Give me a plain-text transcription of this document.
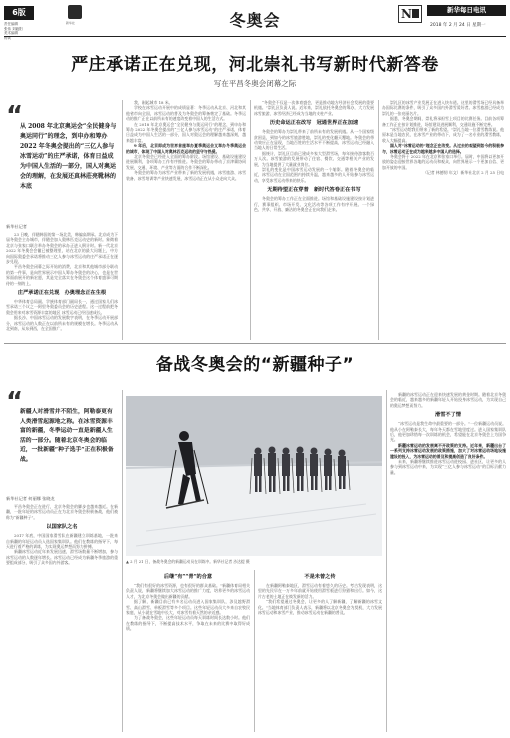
6版
责任编辑
张伟 刘毅阳
美术编辑
杨寅
新华社	冬奥会	N	新华每日电讯
2018 年 2 月 24 日 星期一
严庄承诺正在兑现，河北崇礼书写新时代新答卷
写在平昌冬奥会闭幕之际
“
从 2008 年北京奥运会“全民健身与奥运同行”的理念，到申办和筹办 2022 年冬奥会提出的“三亿人参与冰雪运动”的庄严承诺，体育日益成为中国人生活的一部分，国人对奥运会的理解，在发展还真林莊亮靴林的本底
新华社记者

23 日晚，伴随韩国的第一场北美，韩偏高期承。北京成为下届冬奥会主办城市，伴随会加入奥林匹克运动史的新时。象徵着北京与张家口联合举办冬奥会的承办正进入倒计时。新一代北京 2022 年冬奥会会徽已被整理里，站在北京的最大问题上，中方向国际奥委会承诺将推动三亿人参与冰雪运动的庄严承诺正在逐步兑现。

平昌冬奥会闭幕之际开始的消费，北京和其他城市部分联动的第一件事，是向世界展示中国人筹办冬奥会的决心，也是在世界面前展开的新宏愿，其是完全落实在冬奥会这个体育盛事可期待的一刻的上。

庄严承诺正在兑现　办奥理念正在生根

中华体育总局副、学族体育部门副局长一，通过国家儿们冰雪承诺三个议之一阿里冬奥委员会的历史进程。这一过程前把冬奥会用来对冰雪资源丰富的地区 冰雪运动已经迅速成长。

据长沙、中国冰雪运动的发展数字表明，在冬季运动开展部分，冰雪运动的人数正在以前所未有的规模在增长。冬季运动从北到南，从东到西，在全国推广。

我，刚起城市 18 米。

学校在冰雪运动开展中的成绩显著：冬季运动从北京、河北和其他省市向全国，冰雪运动的普及为冬奥会的筹备奠定了基础。冬季运动的推广正在以前所未有的速度改变着中国人的生活方式。

在 2018 年北京奥运会“全民健身与奥运同行”的理念，到申办和筹办 2022 年冬奥会提出的“三亿人参与冰雪运动”的庄严承诺，体育日益成为中国人生活的一部分，国人对奥运会的理解越来越深刻，越来越丰富。

9 年后，北京即成为世界首座举办夏季奥运会又举办冬季奥运会的城市，体现了中国人对奥林匹克运动的坚守与热爱。

北京冬奥会已经进入全面的筹办阶段。场馆建设、基础设施建设进展顺利，各项筹办工作有序推进。冬奥会的筹办带动了京津冀协同发展，交通、环境、产业等方面的合作不断深化。

冬奥会的筹办为冰雪产业带来了新的发展机遇，冰雪旅游、冰雪装备、冰雪培训等产业快速发展，冰雪运动正在从小众走向大众。

“冬奥会不仅是一次体育盛会，更是推动地方经济社会发展的重要机遇。”崇礼区负责人说。近年来，崇礼依托冬奥会的筹办，大力发展冰雪旅游，冰雪经济已经成为当地的支柱产业。

历史命运正在改写　冠通世界正在加速

冬奥会的筹办为崇礼带来了前所未有的发展机遇。从一个国家级贫困县，到如今的冰雪旅游胜地，崇礼的变化翻天覆地。冬奥会的带动效应正在显现，当地百姓的生活水平不断提高，冰雪运动已经融入当地人的日常生活。

据统计，崇礼区目前已建成多家大型滑雪场，每年接待游客数百万人次。冰雪旅游的发展带动了住宿、餐饮、交通等相关产业的发展，为当地提供了大量就业岗位。

崇礼的变化是中国冰雪运动发展的一个缩影。随着冬奥会的临近，冰雪运动在全国范围内持续升温，越来越多的人开始参与冰雪运动，享受冰雪运动带来的快乐。

无期待望正在穿普　新时代答卷正在书写

冬奥会的筹办工作正在全面推进。场馆和基础设施建设按计划进行，赛事组织、市场开发、文化活动等各项工作有序开展。一个绿色、共享、开放、廉洁的冬奥会正在向我们走来。

崇礼区的冰雪产业发展正在进入快车道。这里的滑雪场已经具备举办国际比赛的条件，吸引了众多国内外滑雪爱好者。冰雪旅游已经成为崇礼的一张亮丽名片。

据悉，冬奥会期间，崇礼将承担雪上项目的比赛任务。目前各项筹备工作正在按计划推进，场馆建设进展顺利，交通设施不断完善。

“冰雪运动给我们带来了新的希望。”崇礼当地一位滑雪教练说。他原本是当地农民，在冰雪产业的带动下，成为了一名专业的滑雪教练，收入大幅提高。

国人对“冰雪运动的”理念正在改变。从过去的观望到如今的积极参与，冰雪运动正在成为越来越多中国人的选择。

冬奥会将于 2022 年在北京和张家口举行。届时，中国将以更加开放的姿态迎接世界各地的运动员和观众，向世界展示一个更加自信、更加开放的中国。

（记者 林德韧 年文）新华社北京 2 月 25 日电

备战冬奥会的“新疆种子”
“
新疆人对滑雪并不陌生，阿勒泰更有人类滑雪起源地之称。在冰雪资源丰富的新疆，冬季运动一直是新疆人生活的一部分。随着北京冬奥会的临近，一批新疆“种子选手”正在积极备战。
新华社记者 何丽娜 张晓龙

平昌冬奥会正在进行，北京冬奥会的脚步也越来越近。在新疆，一批年轻的冰雪运动员正在为北京冬奥会积极备战，他们被称为“新疆种子”。

以国家队之名

2017 年底，中国国家滑雪队在新疆建立训练基地，一批来自新疆的年轻运动员入选国家集训队。他们在教练的指导下，每天进行着严格的训练，为实现奥运梦想而努力拼搏。

新疆冰雪运动近年来发展迅速，滑雪场数量不断增加，参与冰雪运动的人数逐年增长。冰雪运动已经成为新疆冬季旅游的重要组成部分，吸引了众多国内外游客。	▲ 2 月 21 日，备战冬奥会的新疆运动员在训练中。新华社记者 沙达提 摄
后继“有”“青”的合意

“我们有很好的冰雪资源，也有很好的群众基础。”新疆体育局相关负责人说，新疆将继续加大冰雪运动的推广力度，培养更多的冰雪运动人才，为北京冬奥会做出新疆的贡献。

据了解，新疆目前已有多名运动员进入国家集训队，涉及越野滑雪、高山滑雪、单板滑雪等多个项目。这些年轻运动员大多来自农牧民家庭，从小就在雪地中长大，对冰雪有着天然的亲近感。

为了备战冬奥会，这些年轻运动员每天训练时间长达数小时。他们在教练的指导下，不断提高技术水平，争取在未来的比赛中取得好成绩。

不是未曾之传

在新疆阿勒泰地区，滑雪运动有着悠久的历史。考古发现表明，这里的先民早在一万多年前就开始使用滑雪板进行狩猎和出行。如今，这片古老的土地正在焕发新的活力。

“我们希望通过冬奥会，让更多的人了解新疆，了解新疆的冰雪文化。”当地体育部门负责人表示，新疆将以北京冬奥会为契机，大力发展冰雪运动和冰雪产业，推动冰雪运动在新疆的普及。

新疆的冰雪运动正在迎来快速发展的黄金时期。随着北京冬奥会的临近，越来越多的新疆年轻人开始投身冰雪运动，为实现自己的奥运梦想而努力。

滑雪不了情

“冰雪运动是我生命中最重要的一部分。”一位新疆运动员说。他从小在阿勒泰长大，每年冬天都在雪地里度过。进入国家集训队后，他更加珍惜每一次训练的机会，希望能在北京冬奥会上为国争光。

新疆冰雪运动的发展离不开政策的支持。近年来，新疆出台了一系列支持冰雪运动发展的政策措施，加大了对冰雪运动场地设施建设的投入，为冰雪运动的普及和提高创造了良好条件。

未来，新疆将继续推进冰雪运动进校园、进社区，让更多的人参与到冰雪运动中来，为实现“三亿人参与冰雪运动”的目标贡献力量。
